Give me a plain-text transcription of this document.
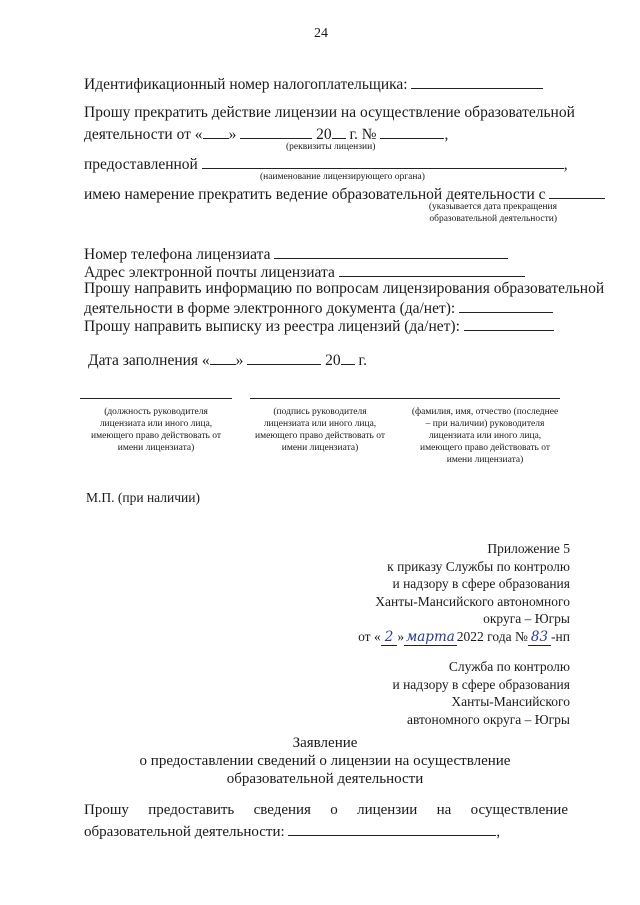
24
Идентификационный номер налогоплательщика:
Прошу прекратить действие лицензии на осуществление образовательной
деятельности от « »	20 г. №	,
(реквизиты лицензии)
предоставленной	,
(наименование лицензирующего органа)
имею намерение прекратить ведение образовательной деятельности с
(указывается дата прекращения
образовательной деятельности)
Номер телефона лицензиата
Адрес электронной почты лицензиата
Прошу направить информацию по вопросам лицензирования образовательной
деятельности в форме электронного документа (да/нет):
Прошу направить выписку из реестра лицензий (да/нет):
Дата заполнения « »	20 г.
(должность руководителя лицензиата или иного лица, имеющего право действовать от имени лицензиата)
(подпись руководителя лицензиата или иного лица, имеющего право действовать от имени лицензиата)
(фамилия, имя, отчество (последнее – при наличии) руководителя лицензиата или иного лица, имеющего право действовать от имени лицензиата)
М.П. (при наличии)
Приложение 5
к приказу Службы по контролю
и надзору в сфере образования
Ханты-Мансийского автономного
округа – Югры
от « 2 » марта 2022 года № 83 -нп
Служба по контролю
и надзору в сфере образования
Ханты-Мансийского
автономного округа – Югры
Заявление
о предоставлении сведений о лицензии на осуществление
образовательной деятельности
Прошу предоставить сведения о лицензии на осуществление
образовательной деятельности:	,
